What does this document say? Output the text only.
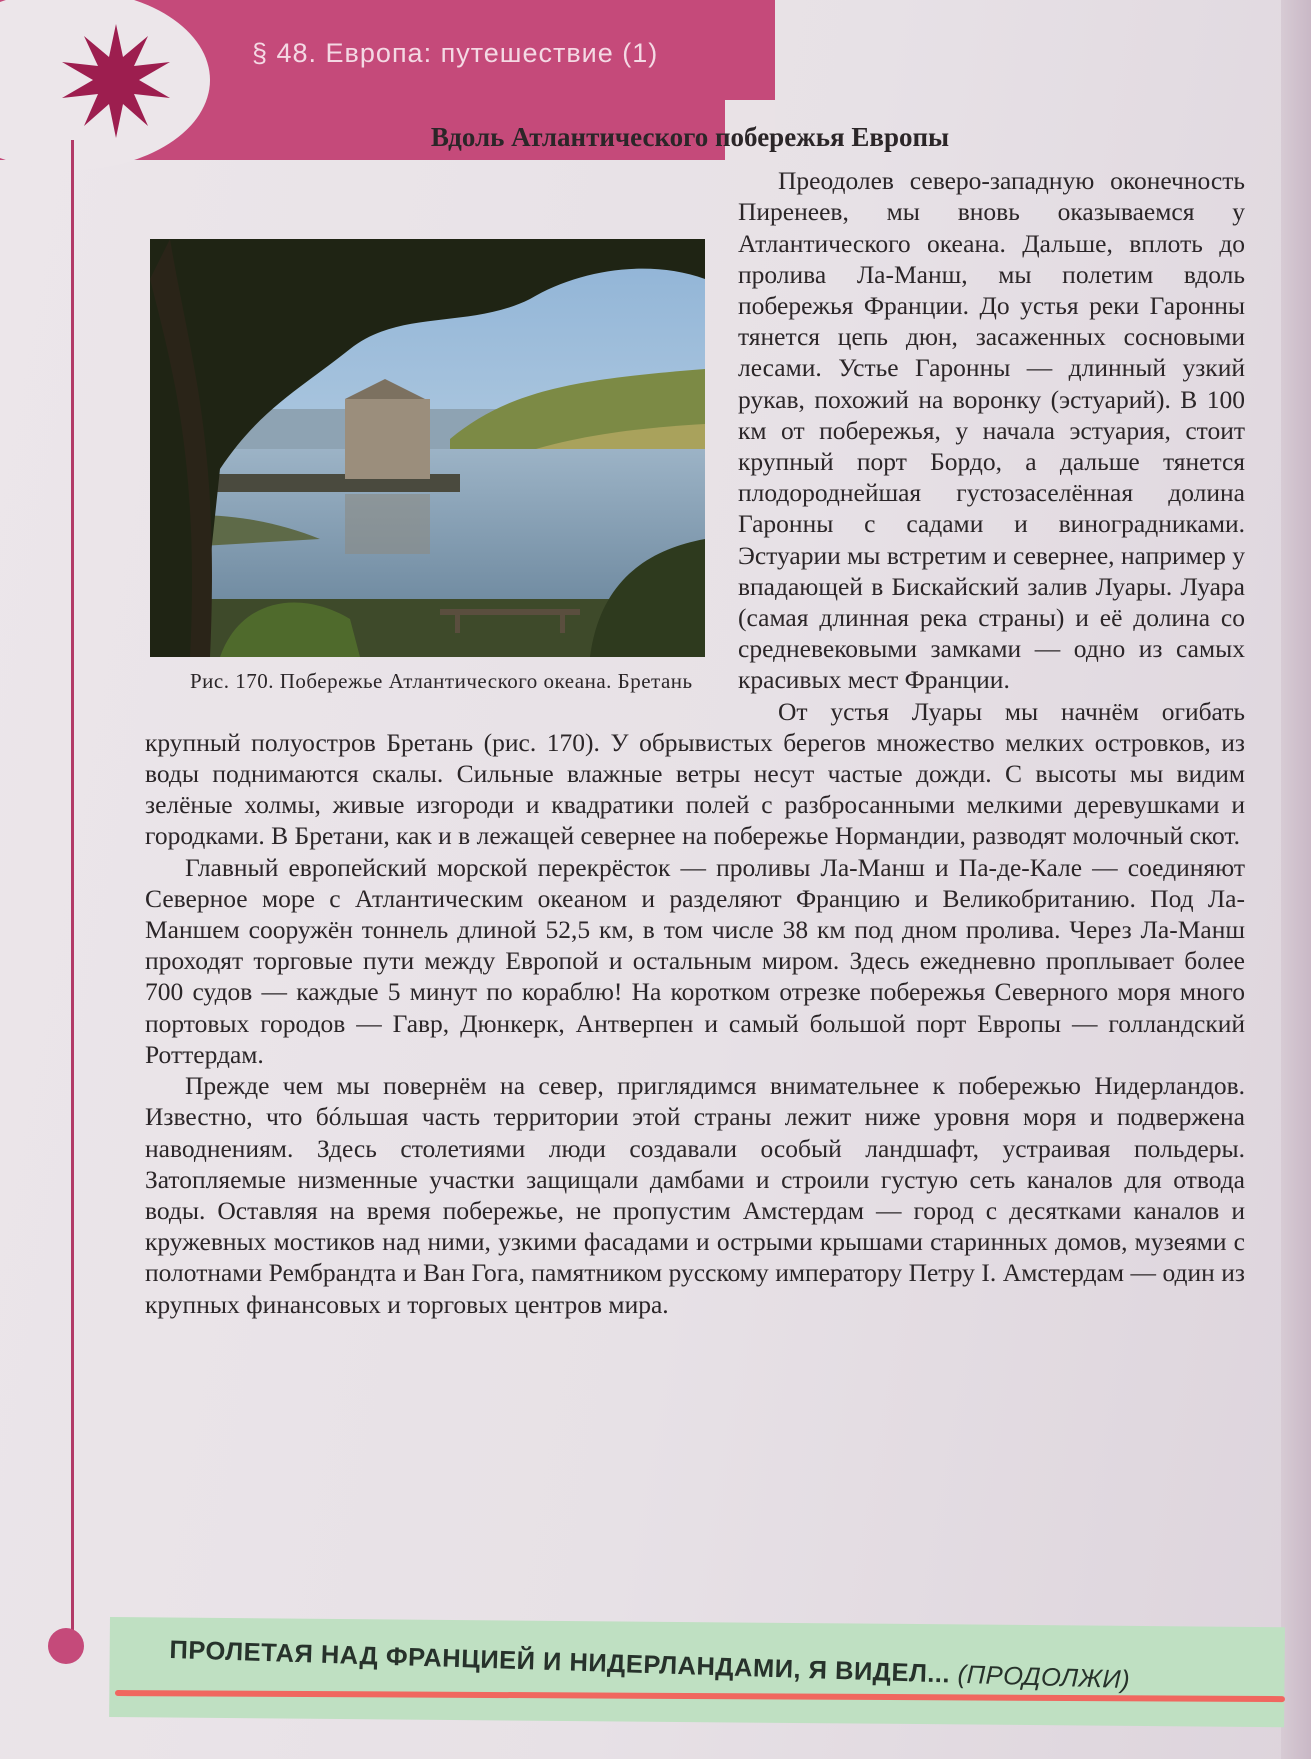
§ 48. Европа: путешествие (1)
Вдоль Атлантического побережья Европы

Рис. 170. Побережье Атлантического океана. Бретань
Преодолев северо-западную оконечность Пиренеев, мы вновь оказываемся у Атлантического океана. Дальше, вплоть до пролива Ла-Манш, мы полетим вдоль побережья Франции. До устья реки Гаронны тянется цепь дюн, засаженных сосновыми лесами. Устье Гаронны — длинный узкий рукав, похожий на воронку (эстуарий). В 100 км от побережья, у начала эстуария, стоит крупный порт Бордо, а дальше тянется плодороднейшая густозаселённая долина Гаронны с садами и виноградниками. Эстуарии мы встретим и севернее, например у впадающей в Бискайский залив Луары. Луара (самая длинная река страны) и её долина со средневековыми замками — одно из самых красивых мест Франции.

От устья Луары мы начнём огибать крупный полуостров Бретань (рис. 170). У обрывистых берегов множество мелких островков, из воды поднимаются скалы. Сильные влажные ветры несут частые дожди. С высоты мы видим зелёные холмы, живые изгороди и квадратики полей с разбросанными мелкими деревушками и городками. В Бретани, как и в лежащей севернее на побережье Нормандии, разводят молочный скот.

Главный европейский морской перекрёсток — проливы Ла-Манш и Па-де-Кале — соединяют Северное море с Атлантическим океаном и разделяют Францию и Великобританию. Под Ла-Маншем сооружён тоннель длиной 52,5 км, в том числе 38 км под дном пролива. Через Ла-Манш проходят торговые пути между Европой и остальным миром. Здесь ежедневно проплывает более 700 судов — каждые 5 минут по кораблю! На коротком отрезке побережья Северного моря много портовых городов — Гавр, Дюнкерк, Антверпен и самый большой порт Европы — голландский Роттердам.

Прежде чем мы повернём на север, приглядимся внимательнее к побережью Нидерландов. Известно, что бóльшая часть территории этой страны лежит ниже уровня моря и подвержена наводнениям. Здесь столетиями люди создавали особый ландшафт, устраивая польдеры. Затопляемые низменные участки защищали дамбами и строили густую сеть каналов для отвода воды. Оставляя на время побережье, не пропустим Амстердам — город с десятками каналов и кружевных мостиков над ними, узкими фасадами и острыми крышами старинных домов, музеями с полотнами Рембрандта и Ван Гога, памятником русскому императору Петру I. Амстердам — один из крупных финансовых и торговых центров мира.

ПРОЛЕТАЯ НАД ФРАНЦИЕЙ И НИДЕРЛАНДАМИ, Я ВИДЕЛ... (ПРОДОЛЖИ)
